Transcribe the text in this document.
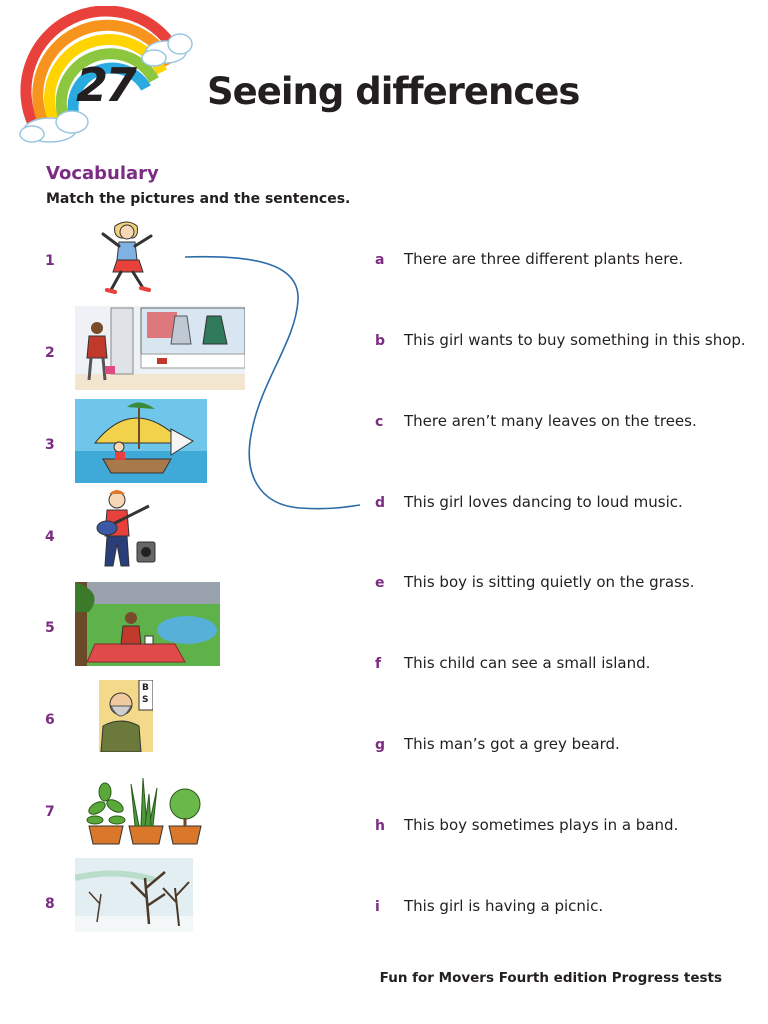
27 Seeing differences
Vocabulary
Match the pictures and the sentences.
1
2
3
4
5
6
7
8
B
S
a	There are three different plants here.
b	This girl wants to buy something in this shop.
c	There aren’t many leaves on the trees.
d	This girl loves dancing to loud music.
e	This boy is sitting quietly on the grass.
f	This child can see a small island.
g	This man’s got a grey beard.
h	This boy sometimes plays in a band.
i	This girl is having a picnic.
Fun for Movers Fourth edition Progress tests
